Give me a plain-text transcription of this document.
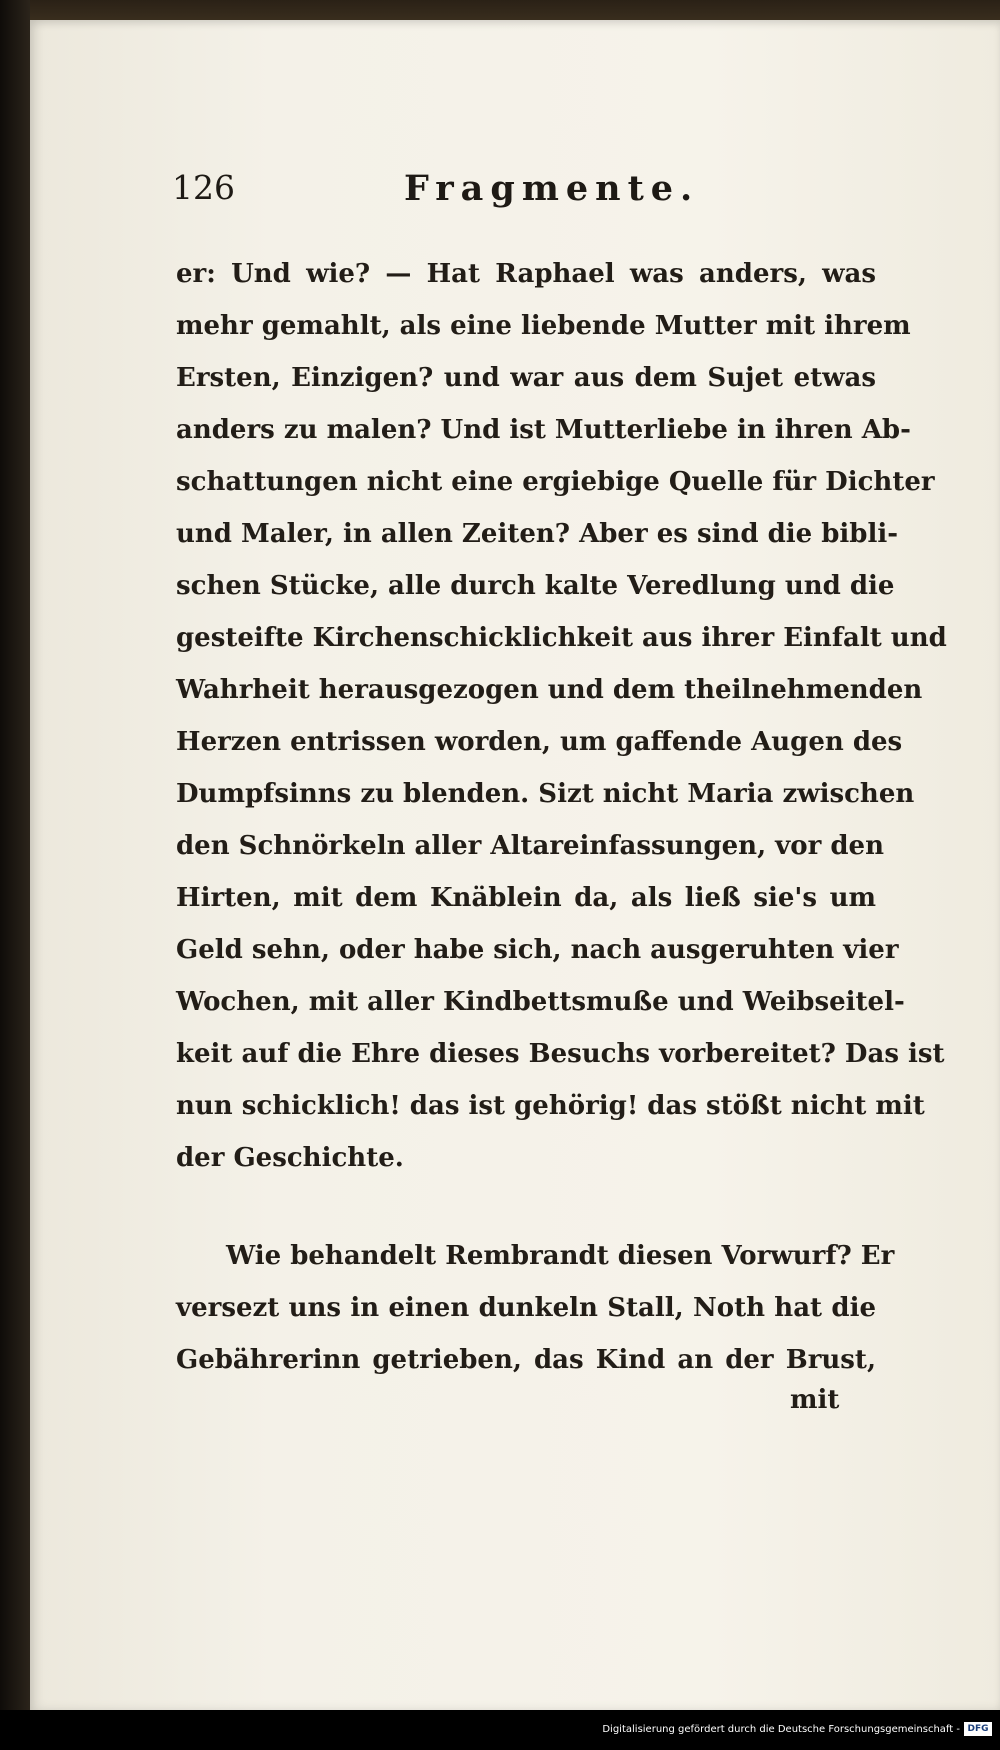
126	Fragmente.
er: Und wie? — Hat Raphael was anders, was
mehr gemahlt, als eine liebende Mutter mit ihrem
Ersten, Einzigen? und war aus dem Sujet etwas
anders zu malen? Und ist Mutterliebe in ihren Ab-
schattungen nicht eine ergiebige Quelle für Dichter
und Maler, in allen Zeiten? Aber es sind die bibli-
schen Stücke, alle durch kalte Veredlung und die
gesteifte Kirchenschicklichkeit aus ihrer Einfalt und
Wahrheit herausgezogen und dem theilnehmenden
Herzen entrissen worden, um gaffende Augen des
Dumpfsinns zu blenden. Sizt nicht Maria zwischen
den Schnörkeln aller Altareinfassungen, vor den
Hirten, mit dem Knäblein da, als ließ sie's um
Geld sehn, oder habe sich, nach ausgeruhten vier
Wochen, mit aller Kindbettsmuße und Weibseitel-
keit auf die Ehre dieses Besuchs vorbereitet? Das ist
nun schicklich! das ist gehörig! das stößt nicht mit
der Geschichte.
Wie behandelt Rembrandt diesen Vorwurf? Er
versezt uns in einen dunkeln Stall, Noth hat die
Gebährerinn getrieben, das Kind an der Brust,
mit
Digitalisierung gefördert durch die Deutsche Forschungsgemeinschaft - DFG
